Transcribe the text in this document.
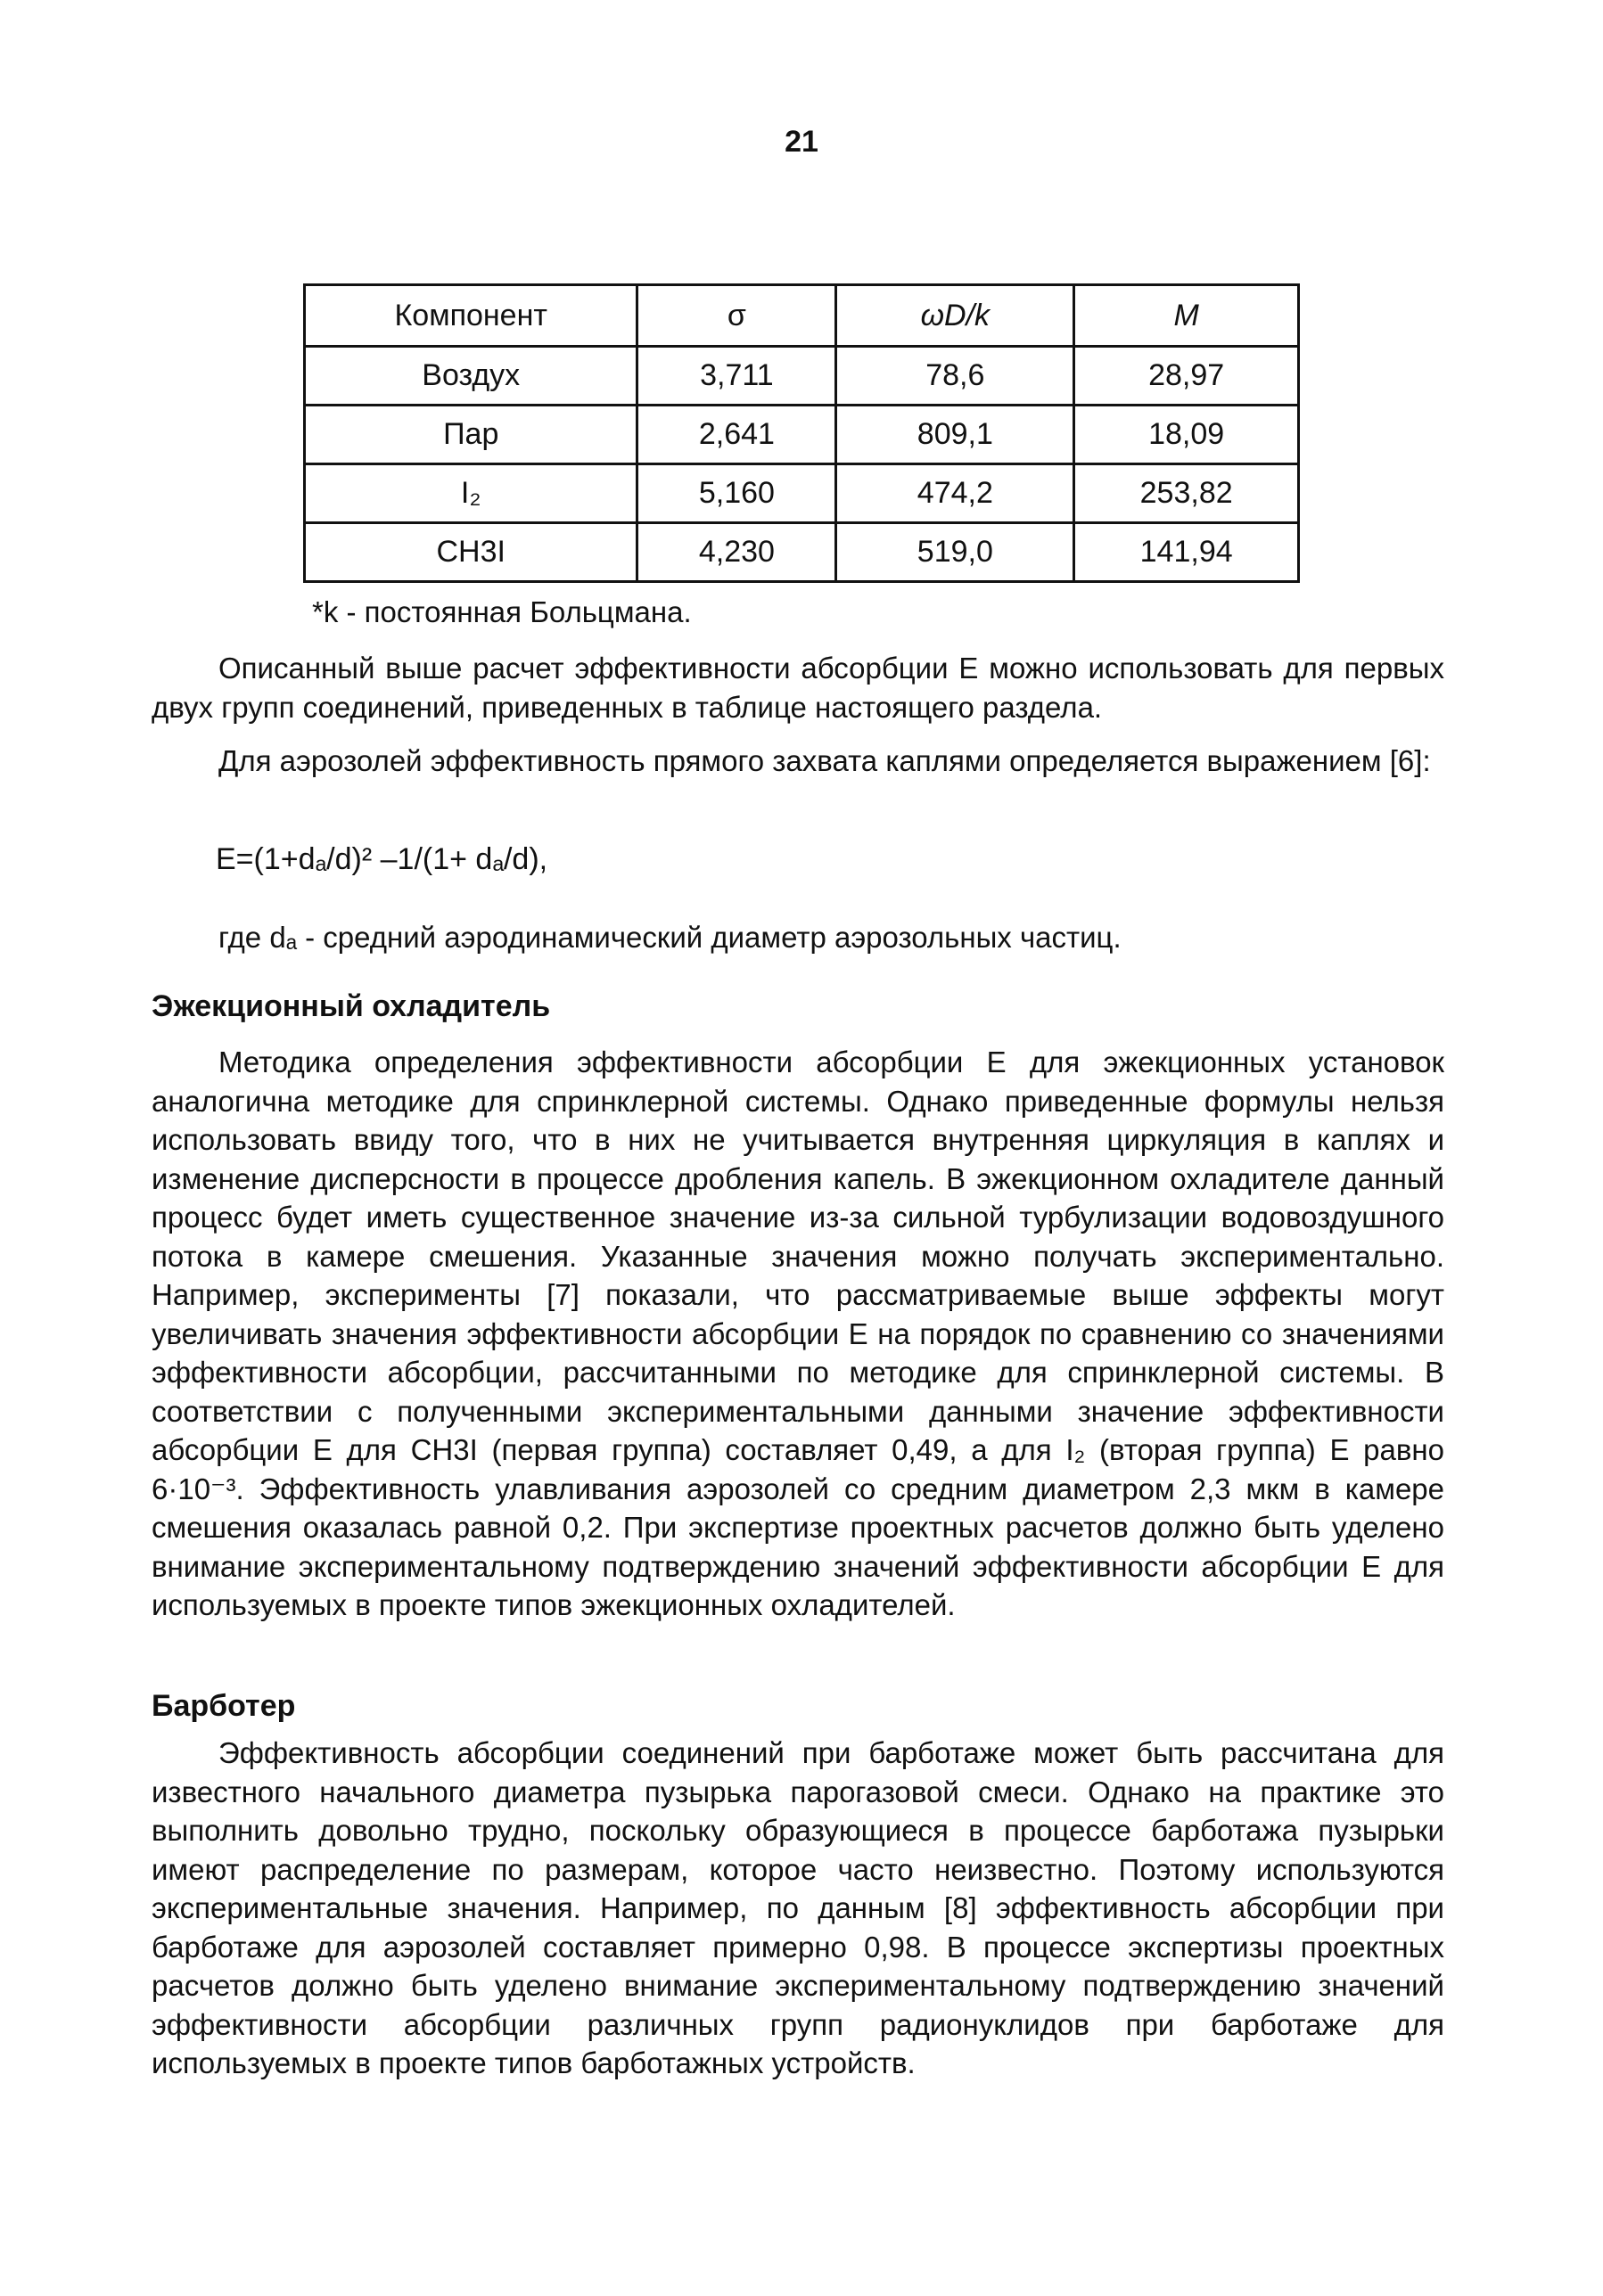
21
Компонент	σ	ωD/k	M
Воздух	3,711	78,6	28,97
Пар	2,641	809,1	18,09
I₂	5,160	474,2	253,82
CH3I	4,230	519,0	141,94
*k - постоянная Больцмана.
Описанный выше расчет эффективности абсорбции E можно использовать для первых двух групп соединений, приведенных в таблице настоящего раздела.
Для аэрозолей эффективность прямого захвата каплями определяется выражением [6]:
E=(1+dₐ/d)² –1/(1+ dₐ/d),
где dₐ - средний аэродинамический диаметр аэрозольных частиц.
Эжекционный охладитель
Методика определения эффективности абсорбции E для эжекционных установок аналогична методике для спринклерной системы. Однако приведенные формулы нельзя использовать ввиду того, что в них не учитывается внутренняя циркуляция в каплях и изменение дисперсности в процессе дробления капель. В эжекционном охладителе данный процесс будет иметь существенное значение из-за сильной турбулизации водовоздушного потока в камере смешения. Указанные значения можно получать экспериментально. Например, эксперименты [7] показали, что рассматриваемые выше эффекты могут увеличивать значения эффективности абсорбции E на порядок по сравнению со значениями эффективности абсорбции, рассчитанными по методике для спринклерной системы. В соответствии с полученными экспериментальными данными значение эффективности абсорбции E для CH3I (первая группа) составляет 0,49, а для I₂ (вторая группа) E равно 6·10⁻³. Эффективность улавливания аэрозолей со средним диаметром 2,3 мкм в камере смешения оказалась равной 0,2. При экспертизе проектных расчетов должно быть уделено внимание экспериментальному подтверждению значений эффективности абсорбции E для используемых в проекте типов эжекционных охладителей.
Барботер
Эффективность абсорбции соединений при барботаже может быть рассчитана для известного начального диаметра пузырька парогазовой смеси. Однако на практике это выполнить довольно трудно, поскольку образующиеся в процессе барботажа пузырьки имеют распределение по размерам, которое часто неизвестно. Поэтому используются экспериментальные значения. Например, по данным [8] эффективность абсорбции при барботаже для аэрозолей составляет примерно 0,98. В процессе экспертизы проектных расчетов должно быть уделено внимание экспериментальному подтверждению значений эффективности абсорбции различных групп радионуклидов при барботаже для используемых в проекте типов барботажных устройств.
